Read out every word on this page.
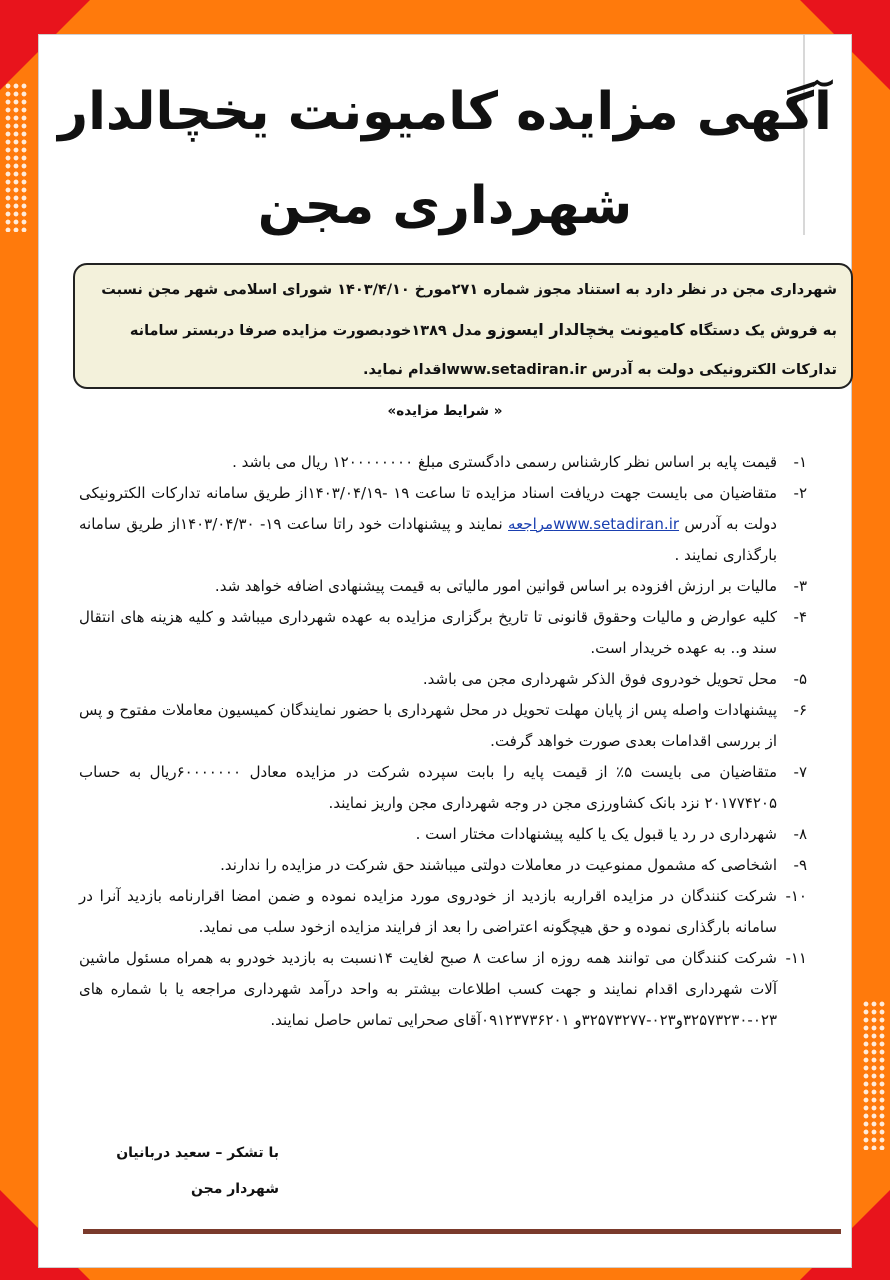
آگهی مزایده کامیونت یخچالدار
شهرداری مجن
شهرداری مجن در نظر دارد به استناد مجوز شماره ۲۷۱مورخ ۱۴۰۳/۴/۱۰ شورای اسلامی شهر مجن نسبت به فروش یک دستگاه کامیونت یخچالدار ایسوزو مدل ۱۳۸۹خودبصورت مزایده صرفا دربستر سامانه تدارکات الکترونیکی دولت به آدرس www.setadiran.irاقدام نماید.
« شرایط مزایده»

۱-
قیمت پایه بر اساس نظر کارشناس رسمی دادگستری مبلغ ۱۲۰۰۰۰۰۰۰۰ ریال می باشد .

۲-
متقاضیان می بایست جهت دریافت اسناد مزایده تا ساعت ۱۹ -۱۴۰۳/۰۴/۱۹از طریق سامانه تدارکات الکترونیکی دولت به آدرس www.setadiran.irمراجعه نمایند و پیشنهادات خود راتا ساعت ۱۹- ۱۴۰۳/۰۴/۳۰از طریق سامانه بارگذاری نمایند .

۳-
مالیات بر ارزش افزوده بر اساس قوانین امور مالیاتی به قیمت پیشنهادی اضافه خواهد شد.

۴-
کلیه عوارض و مالیات وحقوق قانونی تا تاریخ برگزاری مزایده به عهده شهرداری میباشد و کلیه هزینه های انتقال سند و.. به عهده خریدار است.

۵-
محل تحویل خودروی فوق الذکر شهرداری مجن می باشد.

۶-
پیشنهادات واصله پس از پایان مهلت تحویل در محل شهرداری با حضور نمایندگان کمیسیون معاملات مفتوح و پس از بررسی اقدامات بعدی صورت خواهد گرفت.

۷-
متقاضیان می بایست ۵٪ از قیمت پایه را بابت سپرده شرکت در مزایده معادل ۶۰۰۰۰۰۰۰ریال به حساب ۲۰۱۷۷۴۲۰۵ نزد بانک کشاورزی مجن در وجه شهرداری مجن واریز نمایند.

۸-
شهرداری در رد یا قبول یک یا کلیه پیشنهادات مختار است .

۹-
اشخاصی که مشمول ممنوعیت در معاملات دولتی میباشند حق شرکت در مزایده را ندارند.

۱۰-
شرکت کنندگان در مزایده اقراربه بازدید از خودروی مورد مزایده نموده و ضمن امضا اقرارنامه بازدید آنرا در سامانه بارگذاری نموده و حق هیچگونه اعتراضی را بعد از فرایند مزایده ازخود سلب می نماید.

۱۱-
شرکت کنندگان می توانند همه روزه از ساعت ۸ صبح لغایت ۱۴نسبت به بازدید خودرو به همراه مسئول ماشین آلات شهرداری اقدام نمایند و جهت کسب اطلاعات بیشتر به واحد درآمد شهرداری مراجعه یا با شماره های ۰۲۳-۳۲۵۷۳۲۳۰و۰۲۳-۳۲۵۷۳۲۷۷و ۰۹۱۲۳۷۳۶۲۰۱آقای صحرایی تماس حاصل نمایند.

با تشکر – سعید دربانیان
شهردار مجن
